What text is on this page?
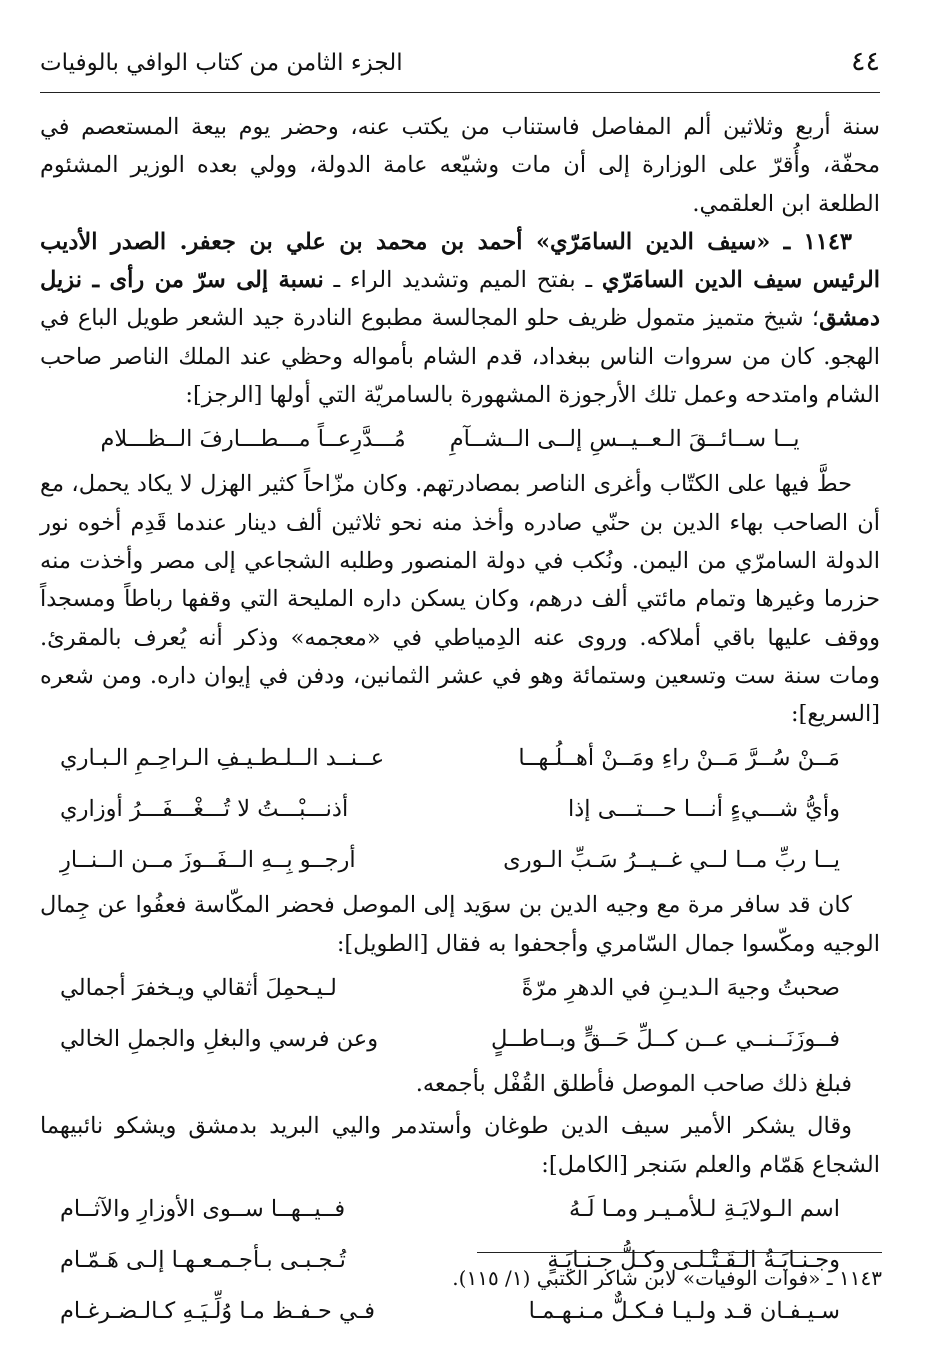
٤٤
الجزء الثامن من كتاب الوافي بالوفيات

سنة أربع وثلاثين ألم المفاصل فاستناب من يكتب عنه، وحضر يوم بيعة المستعصم في محفّة، وأُقرّ على الوزارة إلى أن مات وشيّعه عامة الدولة، وولي بعده الوزير المشئوم الطلعة ابن العلقمي.

١١٤٣ ـ «سيف الدين السامَرّي» أحمد بن محمد بن علي بن جعفر. الصدر الأديب الرئيس سيف الدين السامَرّي ـ بفتح الميم وتشديد الراء ـ نسبة إلى سرّ من رأى ـ نزيل دمشق؛ شيخ متميز متمول ظريف حلو المجالسة مطبوع النادرة جيد الشعر طويل الباع في الهجو. كان من سروات الناس ببغداد، قدم الشام بأمواله وحظي عند الملك الناصر صاحب الشام وامتدحه وعمل تلك الأرجوزة المشهورة بالسامريّة التي أولها [الرجز]:

يــا ســائــقَ الـعــيــسِ إلــى الــشــآمِ
مُـــدَّرِعــاً مـــطـــارفَ الــظـــلام

حطَّ فيها على الكتّاب وأغرى الناصر بمصادرتهم. وكان مزّاحاً كثير الهزل لا يكاد يحمل، مع أن الصاحب بهاء الدين بن حنّي صادره وأخذ منه نحو ثلاثين ألف دينار عندما قَدِم أخوه نور الدولة السامرّي من اليمن. ونُكب في دولة المنصور وطلبه الشجاعي إلى مصر وأخذت منه حزرما وغيرها وتمام مائتي ألف درهم، وكان يسكن داره المليحة التي وقفها رباطاً ومسجداً ووقف عليها باقي أملاكه. وروى عنه الدِمياطي في «معجمه» وذكر أنه يُعرف بالمقرئ. ومات سنة ست وتسعين وستمائة وهو في عشر الثمانين، ودفن في إيوان داره. ومن شعره [السريع]:

مَــنْ سُــرَّ مَــنْ راءِ ومَــنْ أهــلُـهــا
عــنــد الــلـطـيـفِ الـراحِـمِ الـبـاري
وأيُّ شـــيءٍ أنـــا حـــتـــى إذا
أذنـــبْـــتُ لا تُـــغْـــفَـــرُ أوزاري
يــا ربِّ مــا لــي غــيــرُ سَـبِّ الـورى
أرجــو بِــهِ الــفَــوزَ مــن الــنــارِ

كان قد سافر مرة مع وجيه الدين بن سوَيد إلى الموصل فحضر المكّاسة فعفُوا عن جِمال الوجيه ومكّسوا جمال السّامري وأجحفوا به فقال [الطويل]:

صحبتُ وجيهَ الـديـنِ في الدهرِ مرّةً
لـيـحمِلَ أثقالي ويـخفرَ أجمالي
فــوزَنَــنــي عــن كــلِّ حَــقٍّ وبــاطــلٍ
وعن فرسي والبغلِ والجملِ الخالي

فبلغ ذلك صاحب الموصل فأطلق القُفْل بأجمعه.

وقال يشكر الأمير سيف الدين طوغان وأستدمر واليي البريد بدمشق ويشكو نائبيهما الشجاع هَمّام والعلم سَنجر [الكامل]:

اسم الـولايَـةِ لـلأمـيـر ومـا لَـهُ
فــيــهــا ســوى الأوزارِ والآثــام
وجـنـايَـةُ الـقَـتْـلـى وكـلُّ جـنـايَـةٍ
تُـجـبـى بـأجـمـعـهـا إلـى هَـمّـام
سـيـفـان قـد ولـيـا فـكـلٌّ مـنـهـمـا
فـي حـفـظ مـا وُلِّـيَـهِ كـالـضـرغـام
١١٤٣ ـ «فوات الوفيات» لابن شاكر الكتبي (١/ ١١٥).
